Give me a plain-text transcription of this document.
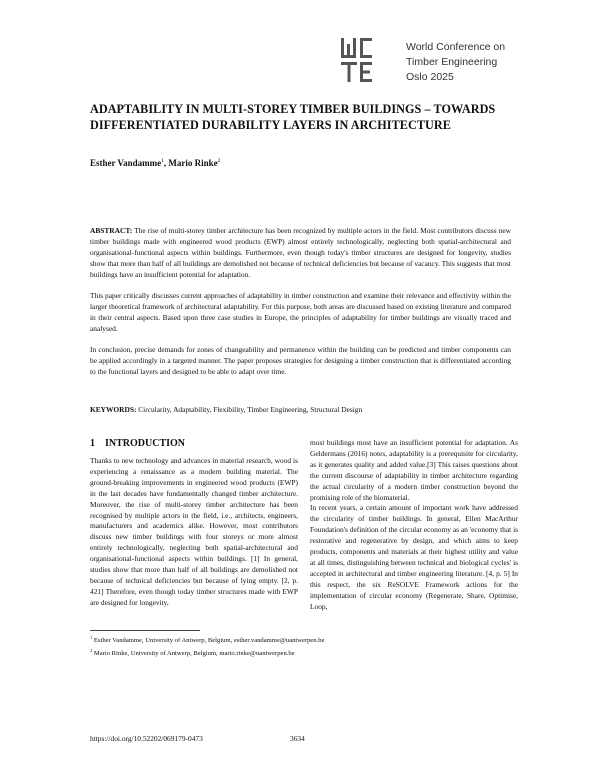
World Conference on
Timber Engineering
Oslo 2025
ADAPTABILITY IN MULTI-STOREY TIMBER BUILDINGS – TOWARDS DIFFERENTIATED DURABILITY LAYERS IN ARCHITECTURE
Esther Vandamme$^1$, Mario Rinke$^2$

ABSTRACT: The rise of multi-storey timber architecture has been recognized by multiple actors in the field. Most contributors discuss new timber buildings made with engineered wood products (EWP) almost entirely technologically, neglecting both spatial-architectural and organisational-functional aspects within buildings. Furthermore, even though today's timber structures are designed for longevity, studies show that more than half of all buildings are demolished not because of technical deficiencies but because of vacancy. This suggests that most buildings have an insufficient potential for adaptation.

This paper critically discusses current approaches of adaptability in timber construction and examine their relevance and effectivity within the larger theoretical framework of architectural adaptability. For this purpose, both areas are discussed based on existing literature and compared in their central aspects. Based upon three case studies in Europe, the principles of adaptability for timber buildings are visually traced and analysed.

In conclusion, precise demands for zones of changeability and permanence within the building can be predicted and timber components can be applied accordingly in a targeted manner. The paper proposes strategies for designing a timber construction that is differentiated according to the functional layers and designed to be able to adapt over time.

KEYWORDS: Circularity, Adaptability, Flexibility, Timber Engineering, Structural Design

1 INTRODUCTION

Thanks to new technology and advances in material research, wood is experiencing a renaissance as a modern building material. The ground-breaking improvements in engineered wood products (EWP) in the last decades have fundamentally changed timber architecture. Moreover, the rise of multi-storey timber architecture has been recognised by multiple actors in the field, i.e., architects, engineers, manufacturers and academics alike. However, most contributors discuss new timber buildings with four storeys or more almost entirely technologically, neglecting both spatial-architectural and organisational-functional aspects within buildings. [1] In general, studies show that more than half of all buildings are demolished not because of technical deficiencies but because of lying empty. [2, p. 421] Therefore, even though today timber structures made with EWP are designed for longevity,

most buildings most have an insufficient potential for adaptation. As Geldermans (2016) notes, adaptability is a prerequisite for circularity, as it generates quality and added value.[3] This raises questions about the current discourse of adaptability in timber architecture regarding the actual circularity of a modern timber construction beyond the promising role of the biomaterial.

In recent years, a certain amount of important work have addressed the circularity of timber buildings. In general, Ellen MacArthur Foundation's definition of the circular economy as an 'economy that is restorative and regenerative by design, and which aims to keep products, components and materials at their highest utility and value at all times, distinguishing between technical and biological cycles' is accepted in architectural and timber engineering literature. [4, p. 5] In this respect, the six ReSOLVE Framework actions for the implementation of circular economy (Regenerate, Share, Optimise, Loop,

$^1$ Esther Vandamme, University of Antwerp, Belgium, esther.vandamme@uantwerpen.be
$^2$ Mario Rinke, University of Antwerp, Belgium, mario.rinke@uantwerpen.be
https://doi.org/10.52202/069179-0473	3634
